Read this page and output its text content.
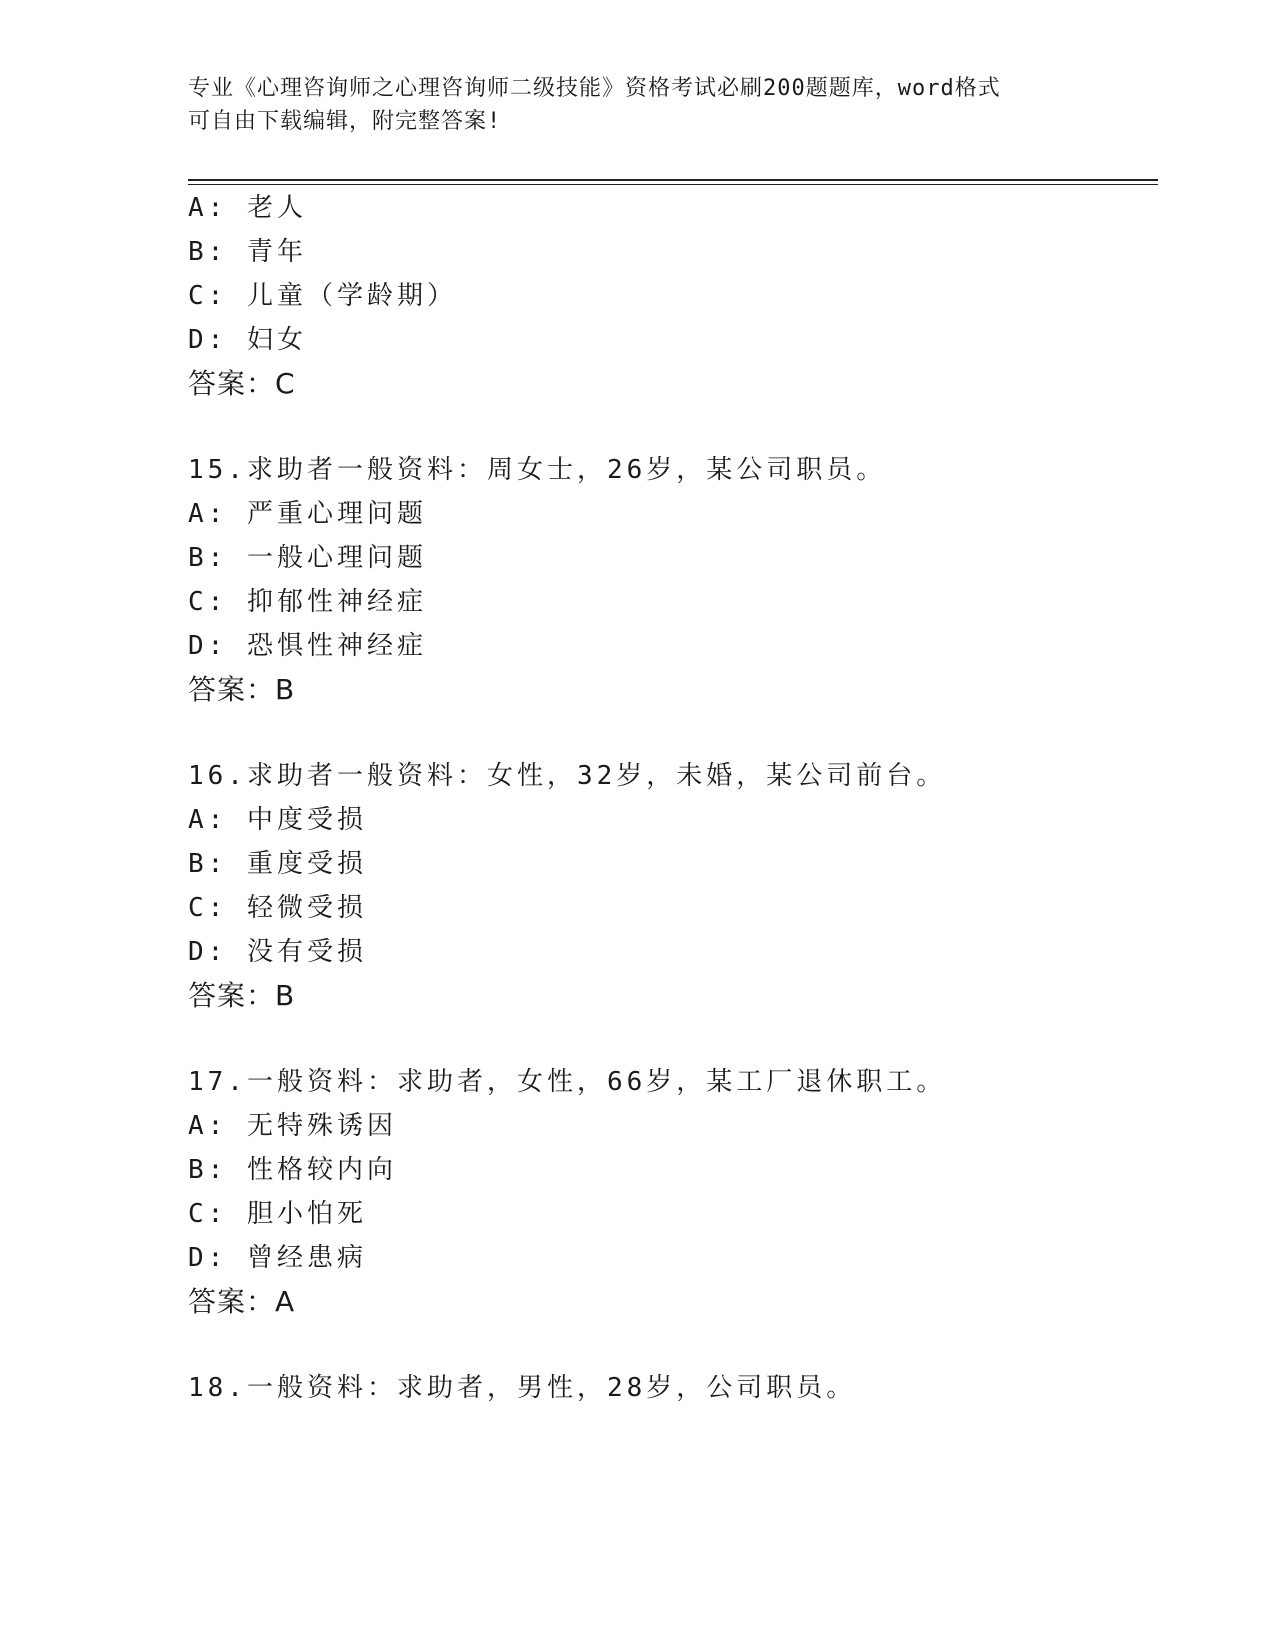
专业《心理咨询师之心理咨询师二级技能》资格考试必刷200题题库，word格式
可自由下载编辑，附完整答案!
A: 老人
B: 青年
C: 儿童（学龄期）
D: 妇女
答案：C
15.求助者一般资料：周女士，26岁，某公司职员。
A: 严重心理问题
B: 一般心理问题
C: 抑郁性神经症
D: 恐惧性神经症
答案：B
16.求助者一般资料：女性，32岁，未婚，某公司前台。
A: 中度受损
B: 重度受损
C: 轻微受损
D: 没有受损
答案：B
17.一般资料：求助者，女性，66岁，某工厂退休职工。
A: 无特殊诱因
B: 性格较内向
C: 胆小怕死
D: 曾经患病
答案：A
18.一般资料：求助者，男性，28岁，公司职员。
